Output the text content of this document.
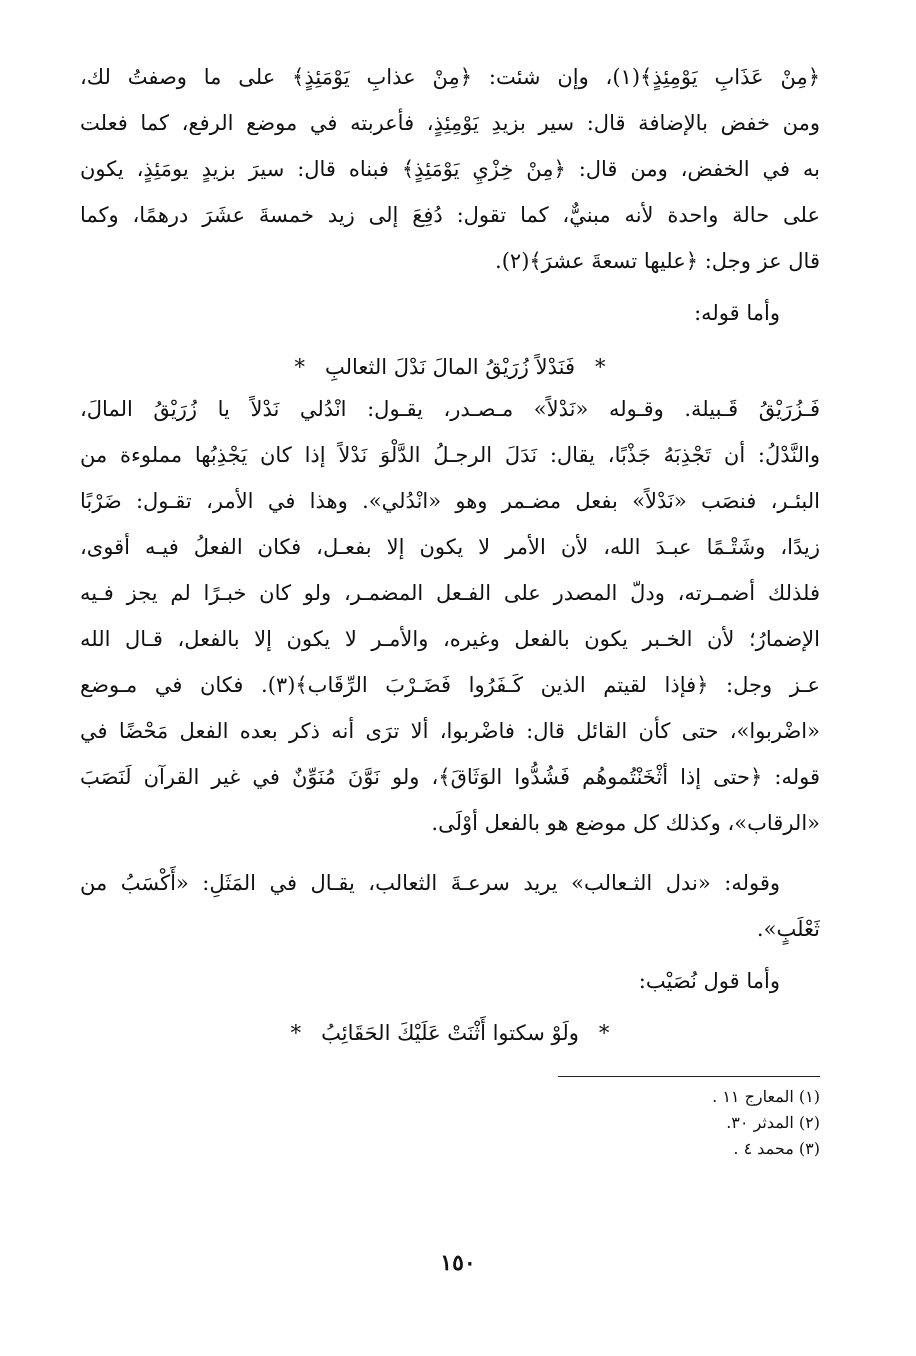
﴿مِنْ عَذَابِ يَوْمِئِذٍ﴾(١)، وإن شئت: ﴿مِنْ عذابِ يَوْمَئِذٍ﴾ على ما وصفتُ لك،
ومن خفض بالإضافة قال: سير بزيدِ يَوْمِئِذٍ، فأعربته في موضع الرفع، كما فعلت
به في الخفض، ومن قال: ﴿مِنْ خِزْيِ يَوْمَئِذٍ﴾ فبناه قال: سيرَ بزيدٍ يومَئِذٍ، يكون
على حالة واحدة لأنه مبنيٌّ، كما تقول: دُفِعَ إلى زيد خمسةَ عشَرَ درهمًا، وكما
قال عز وجل: ﴿عليها تسعةَ عشرَ﴾(٢).
وأما قوله:
*   فَنَدْلاً زُرَيْقُ المالَ نَدْلَ الثعالبِ   *
فَـزُرَيْقُ قَـبيلة. وقـوله «نَدْلاً» مـصـدر، يقـول: انْدُلي نَدْلاً يا زُرَيْقُ المالَ،
والنَّدْلُ: أن تَجْذِبَهُ جَذْبًا، يقال: نَدَلَ الرجـلُ الدَّلْوَ نَدْلاً إذا كان يَجْذِبُها مملوءة من
البئـر، فنصَب «نَدْلاً» بفعل مضـمر وهو «انْدُلي». وهذا في الأمر، تقـول: ضَرْبًا
زيدًا، وشَتْـمًا عبـدَ الله، لأن الأمر لا يكون إلا بفعـل، فكان الفعلُ فيـه أقوى،
فلذلك أضمـرته، ودلّ المصدر على الفـعل المضمـر، ولو كان خبـرًا لم يجز فـيه
الإضمارُ؛ لأن الخـبر يكون بالفعل وغيره، والأمـر لا يكون إلا بالفعل، قـال الله
عـز وجل: ﴿فإذا لقيتم الذين كَـفَرُوا فَضَـرْبَ الرِّقَاب﴾(٣). فكان في مـوضع
«اضْربوا»، حتى كأن القائل قال: فاضْربوا، ألا ترَى أنه ذكر بعده الفعل مَحْضًا في
قوله: ﴿حتى إذا أثْخَنْتُموهُم فَشُدُّوا الوَثَاقَ﴾، ولو نَوَّنَ مُنَوِّنٌ في غير القرآن لَنَصَبَ
«الرقاب»، وكذلك كل موضع هو بالفعل أوْلَى.
وقوله: «ندل الثـعالب» يريد سرعـةَ الثعالب، يقـال في المَثَلِ: «أَكْسَبُ من
ثَعْلَبٍ».
وأما قول نُصَيْب:
*   ولَوْ سكتوا أَثْنَتْ عَلَيْكَ الحَقَائِبُ   *
(١) المعارج ١١ .
(٢) المدثر ٣٠.
(٣) محمد ٤ .
١٥٠
